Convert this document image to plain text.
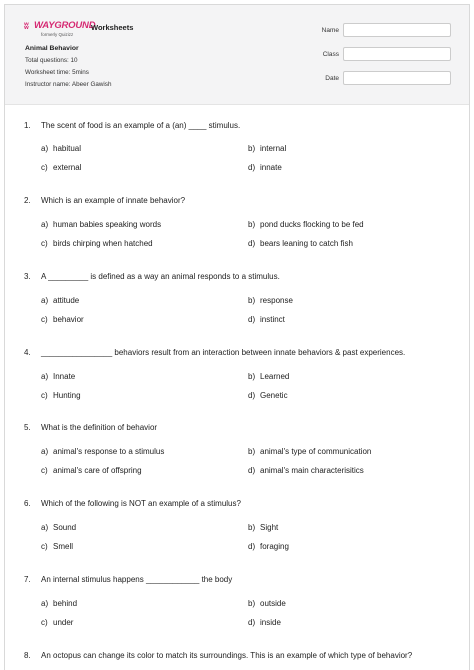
ʬ WAYGROUND
formerly Quizizz
Worksheets
Animal Behavior
Total questions: 10
Worksheet time: 5mins
Instructor name: Abeer Gawish
Name
Class
Date
1. The scent of food is an example of a (an) ____ stimulus.
a) habitual	b) internal
c) external	d) innate
2. Which is an example of innate behavior?
a) human babies speaking words	b) pond ducks flocking to be fed
c) birds chirping when hatched	d) bears leaning to catch fish
3. A _________ is defined as a way an animal responds to a stimulus.
a) attitude	b) response
c) behavior	d) instinct
4. ________________ behaviors result from an interaction between innate behaviors & past experiences.
a) Innate	b) Learned
c) Hunting	d) Genetic
5. What is the definition of behavior
a) animal's response to a stimulus	b) animal's type of communication
c) animal's care of offspring	d) animal's main characterisitics
6. Which of the following is NOT an example of a stimulus?
a) Sound	b) Sight
c) Smell	d) foraging
7. An internal stimulus happens ____________ the body
a) behind	b) outside
c) under	d) inside
8. An octopus can change its color to match its surroundings. This is an example of which type of behavior?
